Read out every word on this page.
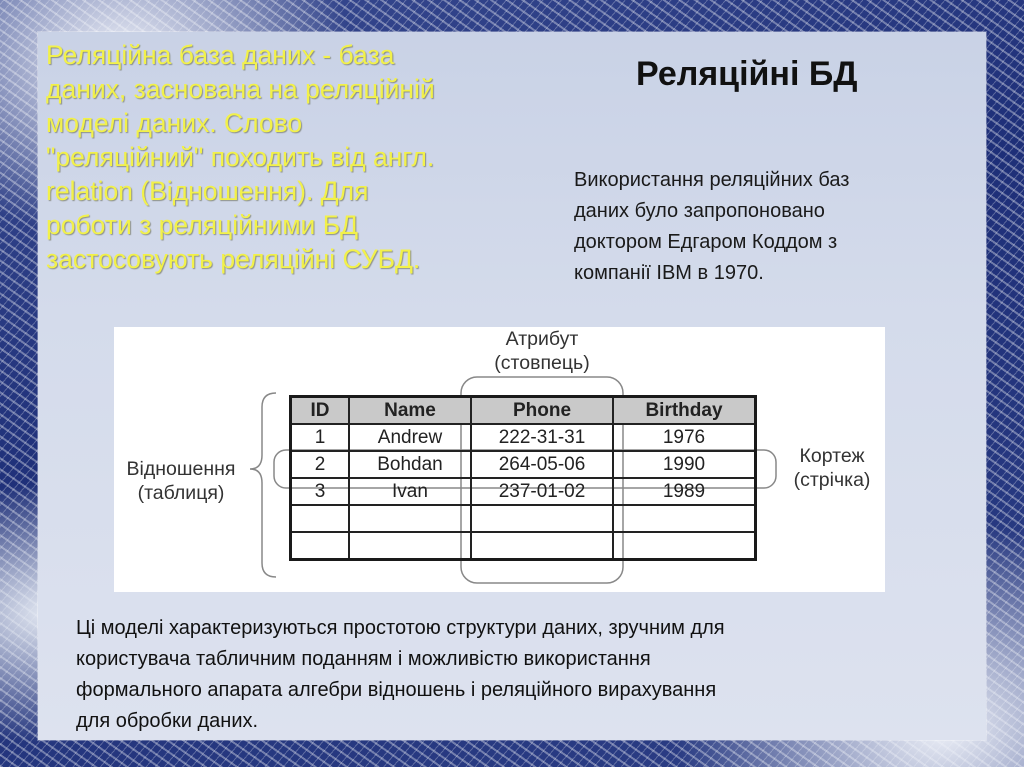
Реляційна база даних - база
даних, заснована на реляційній
моделі даних. Слово
"реляційний" походить від англ.
relation (Відношення). Для
роботи з реляційними БД
застосовують реляційні СУБД.

Реляційні БД

Використання реляційних баз
даних було запропоновано
доктором Едгаром Коддом з
компанії IBM в 1970.

Атрибут
(стовпець)
Відношення
(таблиця)
Кортеж
(стрічка)
ID	Name	Phone	Birthday
1	Andrew	222-31-31	1976
2	Bohdan	264-05-06	1990
3	Ivan	237-01-02	1989

Ці моделі характеризуються простотою структури даних, зручним для
користувача табличним поданням і можливістю використання
формального апарата алгебри відношень і реляційного вирахування
для обробки даних.
